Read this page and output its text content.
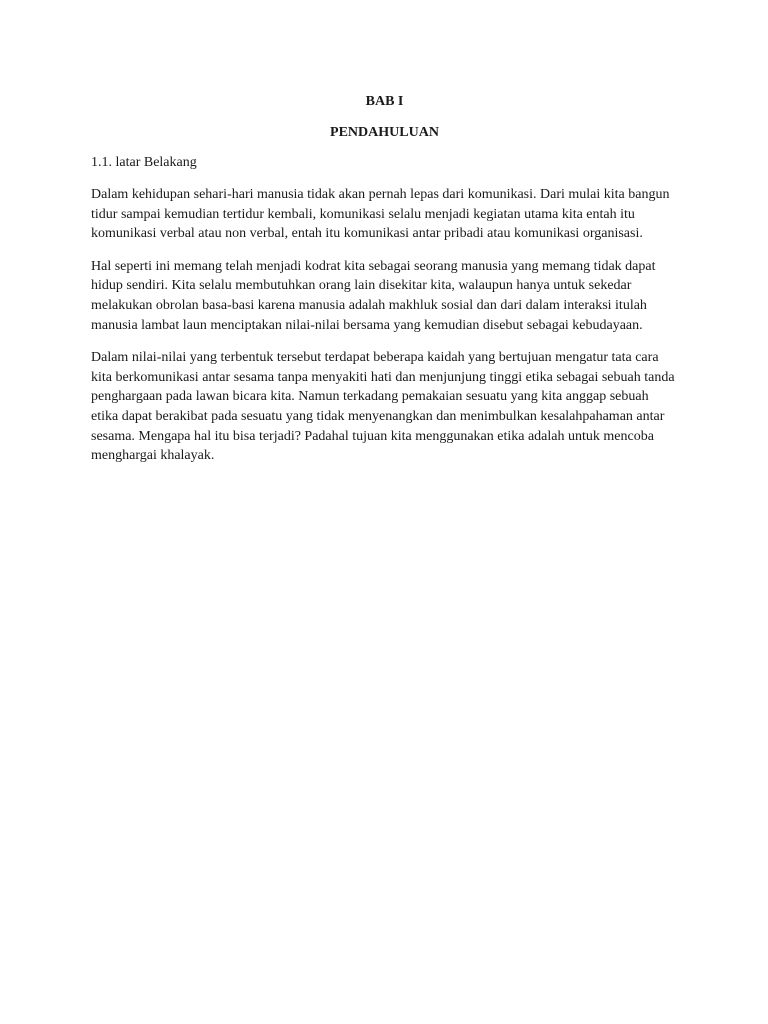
BAB I
PENDAHULUAN
1.1. latar Belakang

Dalam kehidupan sehari-hari manusia tidak akan pernah lepas dari komunikasi. Dari mulai kita bangun tidur sampai kemudian tertidur kembali, komunikasi selalu menjadi kegiatan utama kita entah itu komunikasi verbal atau non verbal, entah itu komunikasi antar pribadi atau komunikasi organisasi.

Hal seperti ini memang telah menjadi kodrat kita sebagai seorang manusia yang memang tidak dapat hidup sendiri. Kita selalu membutuhkan orang lain disekitar kita, walaupun hanya untuk sekedar melakukan obrolan basa-basi karena manusia adalah makhluk sosial dan dari dalam interaksi itulah manusia lambat laun menciptakan nilai-nilai bersama yang kemudian disebut sebagai kebudayaan.

Dalam nilai-nilai yang terbentuk tersebut terdapat beberapa kaidah yang bertujuan mengatur tata cara kita berkomunikasi antar sesama tanpa menyakiti hati dan menjunjung tinggi etika sebagai sebuah tanda penghargaan pada lawan bicara kita. Namun terkadang pemakaian sesuatu yang kita anggap sebuah etika dapat berakibat pada sesuatu yang tidak menyenangkan dan menimbulkan kesalahpahaman antar sesama. Mengapa hal itu bisa terjadi? Padahal tujuan kita menggunakan etika adalah untuk mencoba menghargai khalayak.
